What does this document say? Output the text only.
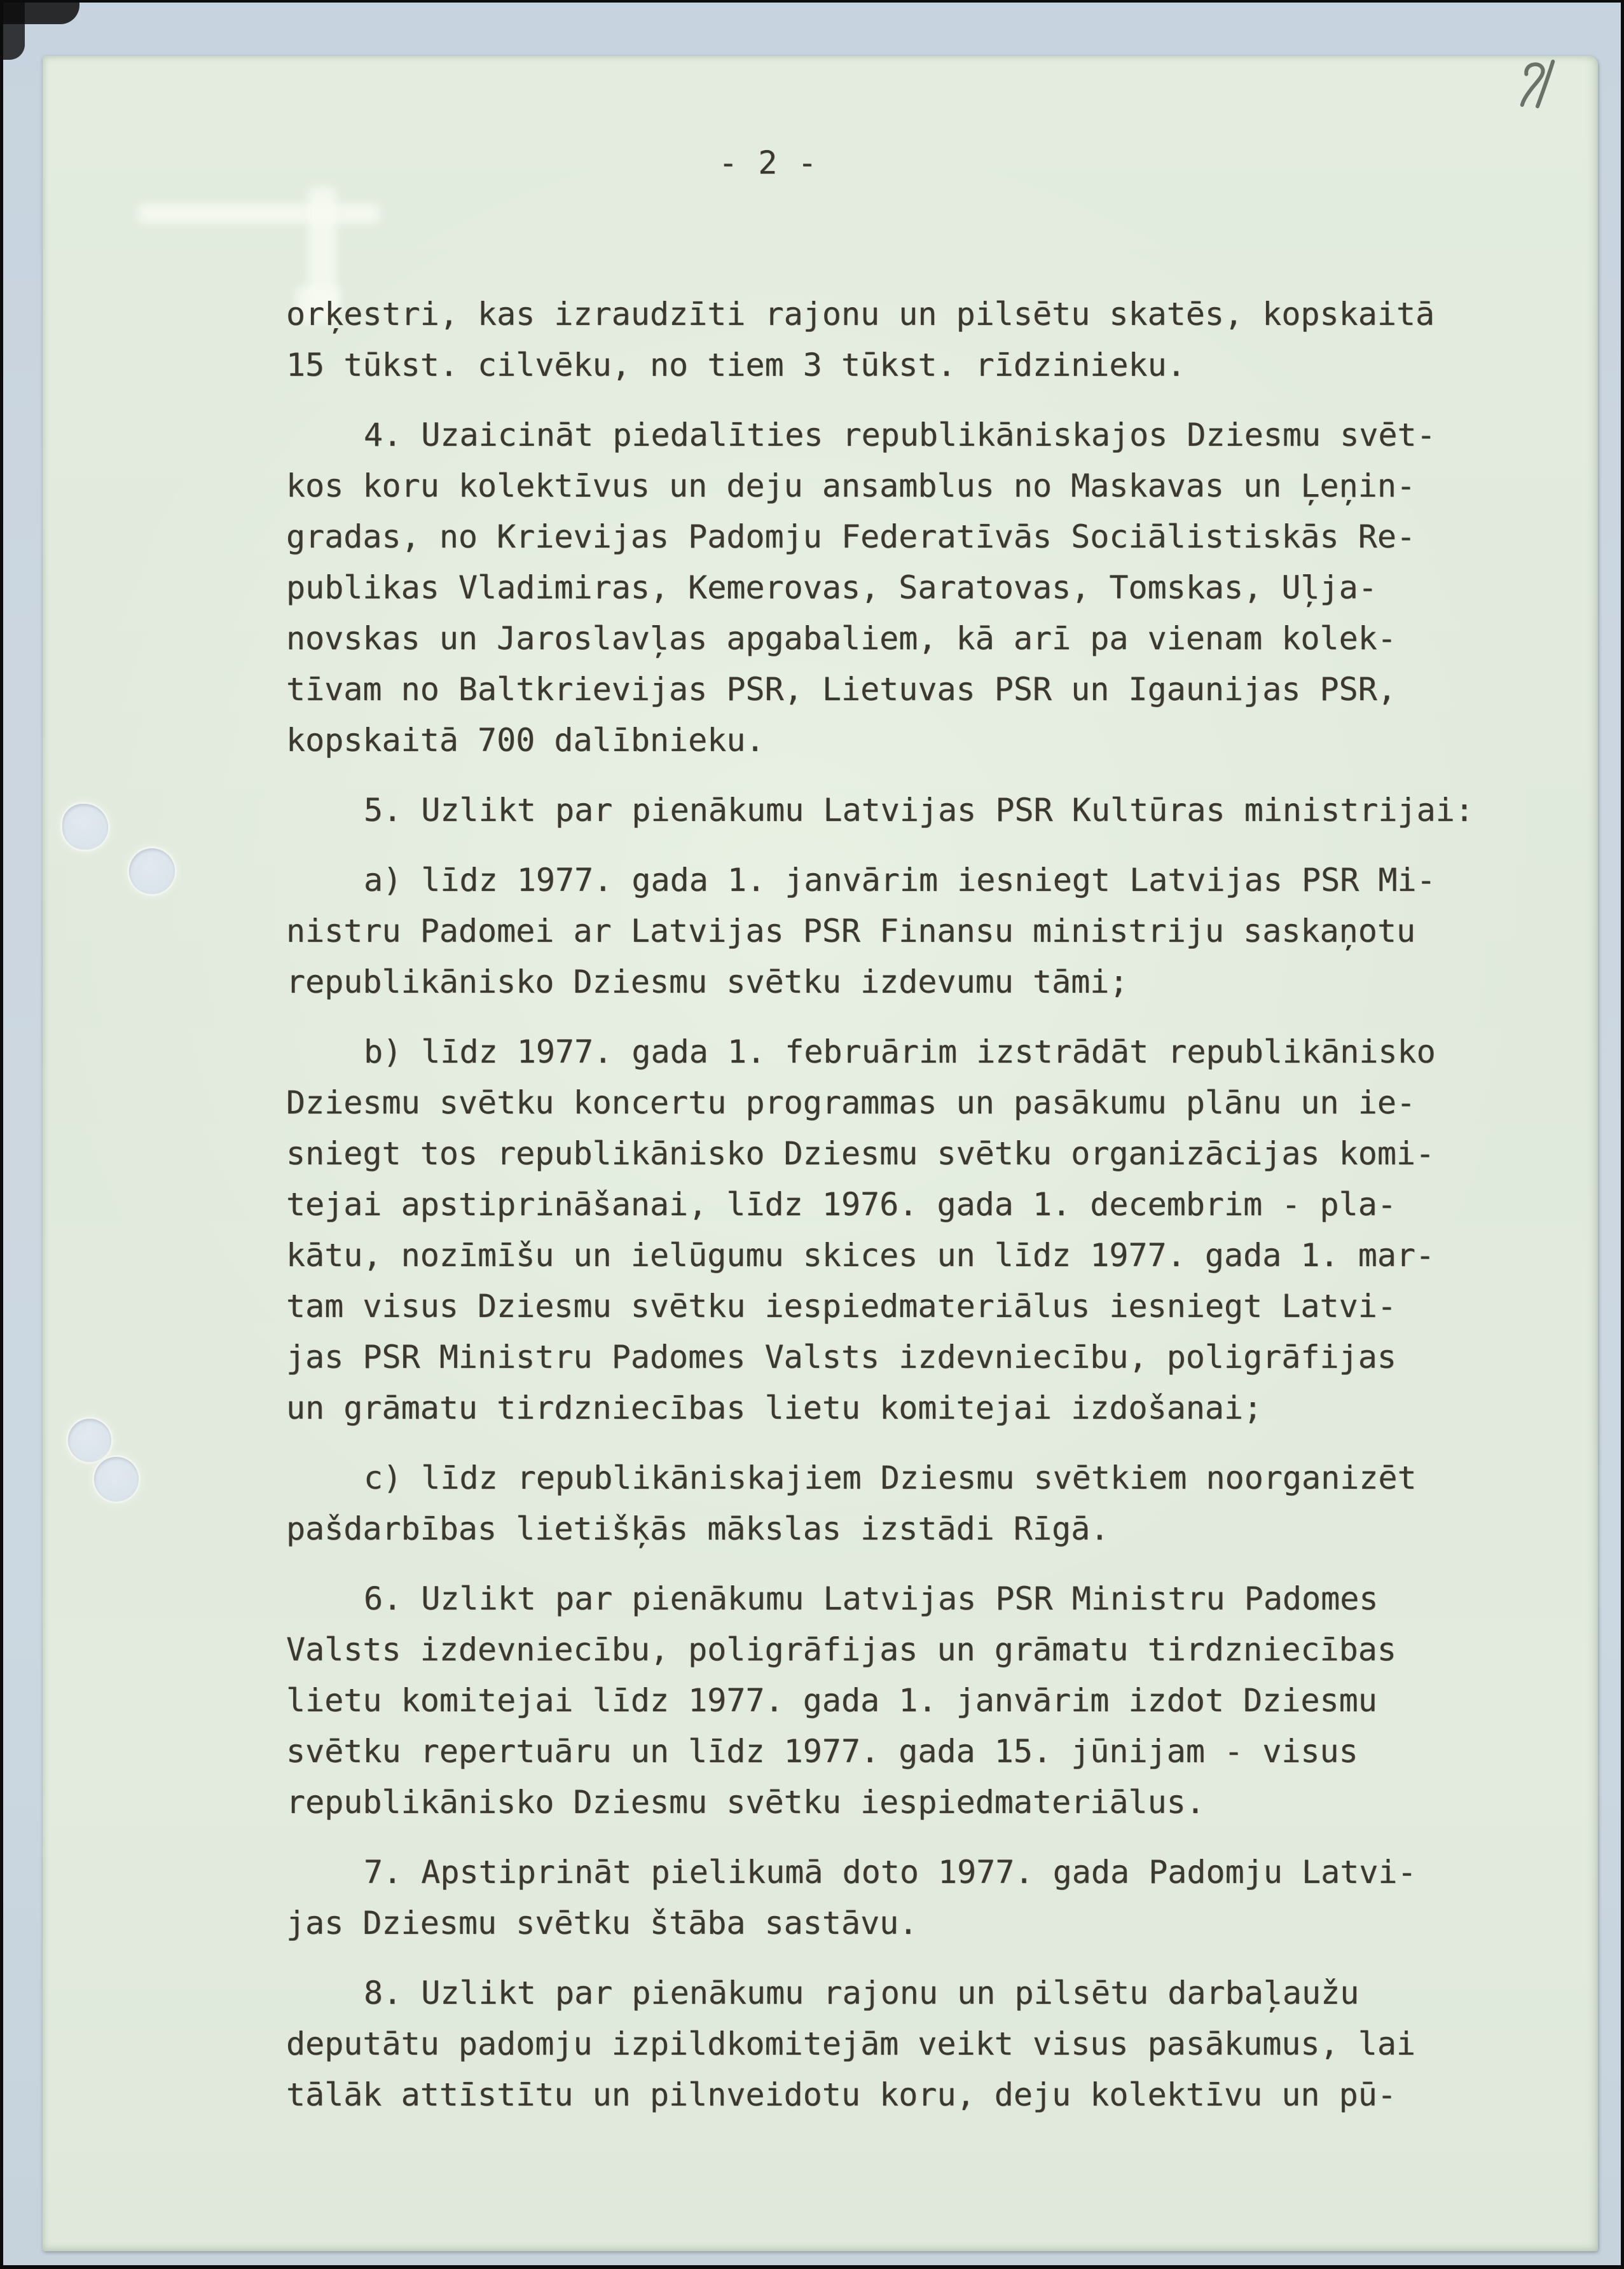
- 2 -
orķestri, kas izraudzīti rajonu un pilsētu skatēs, kopskaitā
15 tūkst. cilvēku, no tiem 3 tūkst. rīdzinieku.
4. Uzaicināt piedalīties republikāniskajos Dziesmu svēt-
kos koru kolektīvus un deju ansamblus no Maskavas un Ļeņin-
gradas, no Krievijas Padomju Federatīvās Sociālistiskās Re-
publikas Vladimiras, Kemerovas, Saratovas, Tomskas, Uļja-
novskas un Jaroslavļas apgabaliem, kā arī pa vienam kolek-
tīvam no Baltkrievijas PSR, Lietuvas PSR un Igaunijas PSR,
kopskaitā 700 dalībnieku.
5. Uzlikt par pienākumu Latvijas PSR Kultūras ministrijai:
a) līdz 1977. gada 1. janvārim iesniegt Latvijas PSR Mi-
nistru Padomei ar Latvijas PSR Finansu ministriju saskaņotu
republikānisko Dziesmu svētku izdevumu tāmi;
b) līdz 1977. gada 1. februārim izstrādāt republikānisko
Dziesmu svētku koncertu programmas un pasākumu plānu un ie-
sniegt tos republikānisko Dziesmu svētku organizācijas komi-
tejai apstiprināšanai, līdz 1976. gada 1. decembrim - pla-
kātu, nozīmīšu un ielūgumu skices un līdz 1977. gada 1. mar-
tam visus Dziesmu svētku iespiedmateriālus iesniegt Latvi-
jas PSR Ministru Padomes Valsts izdevniecību, poligrāfijas
un grāmatu tirdzniecības lietu komitejai izdošanai;
c) līdz republikāniskajiem Dziesmu svētkiem noorganizēt
pašdarbības lietišķās mākslas izstādi Rīgā.
6. Uzlikt par pienākumu Latvijas PSR Ministru Padomes
Valsts izdevniecību, poligrāfijas un grāmatu tirdzniecības
lietu komitejai līdz 1977. gada 1. janvārim izdot Dziesmu
svētku repertuāru un līdz 1977. gada 15. jūnijam - visus
republikānisko Dziesmu svētku iespiedmateriālus.
7. Apstiprināt pielikumā doto 1977. gada Padomju Latvi-
jas Dziesmu svētku štāba sastāvu.
8. Uzlikt par pienākumu rajonu un pilsētu darbaļaužu
deputātu padomju izpildkomitejām veikt visus pasākumus, lai
tālāk attīstītu un pilnveidotu koru, deju kolektīvu un pū-
